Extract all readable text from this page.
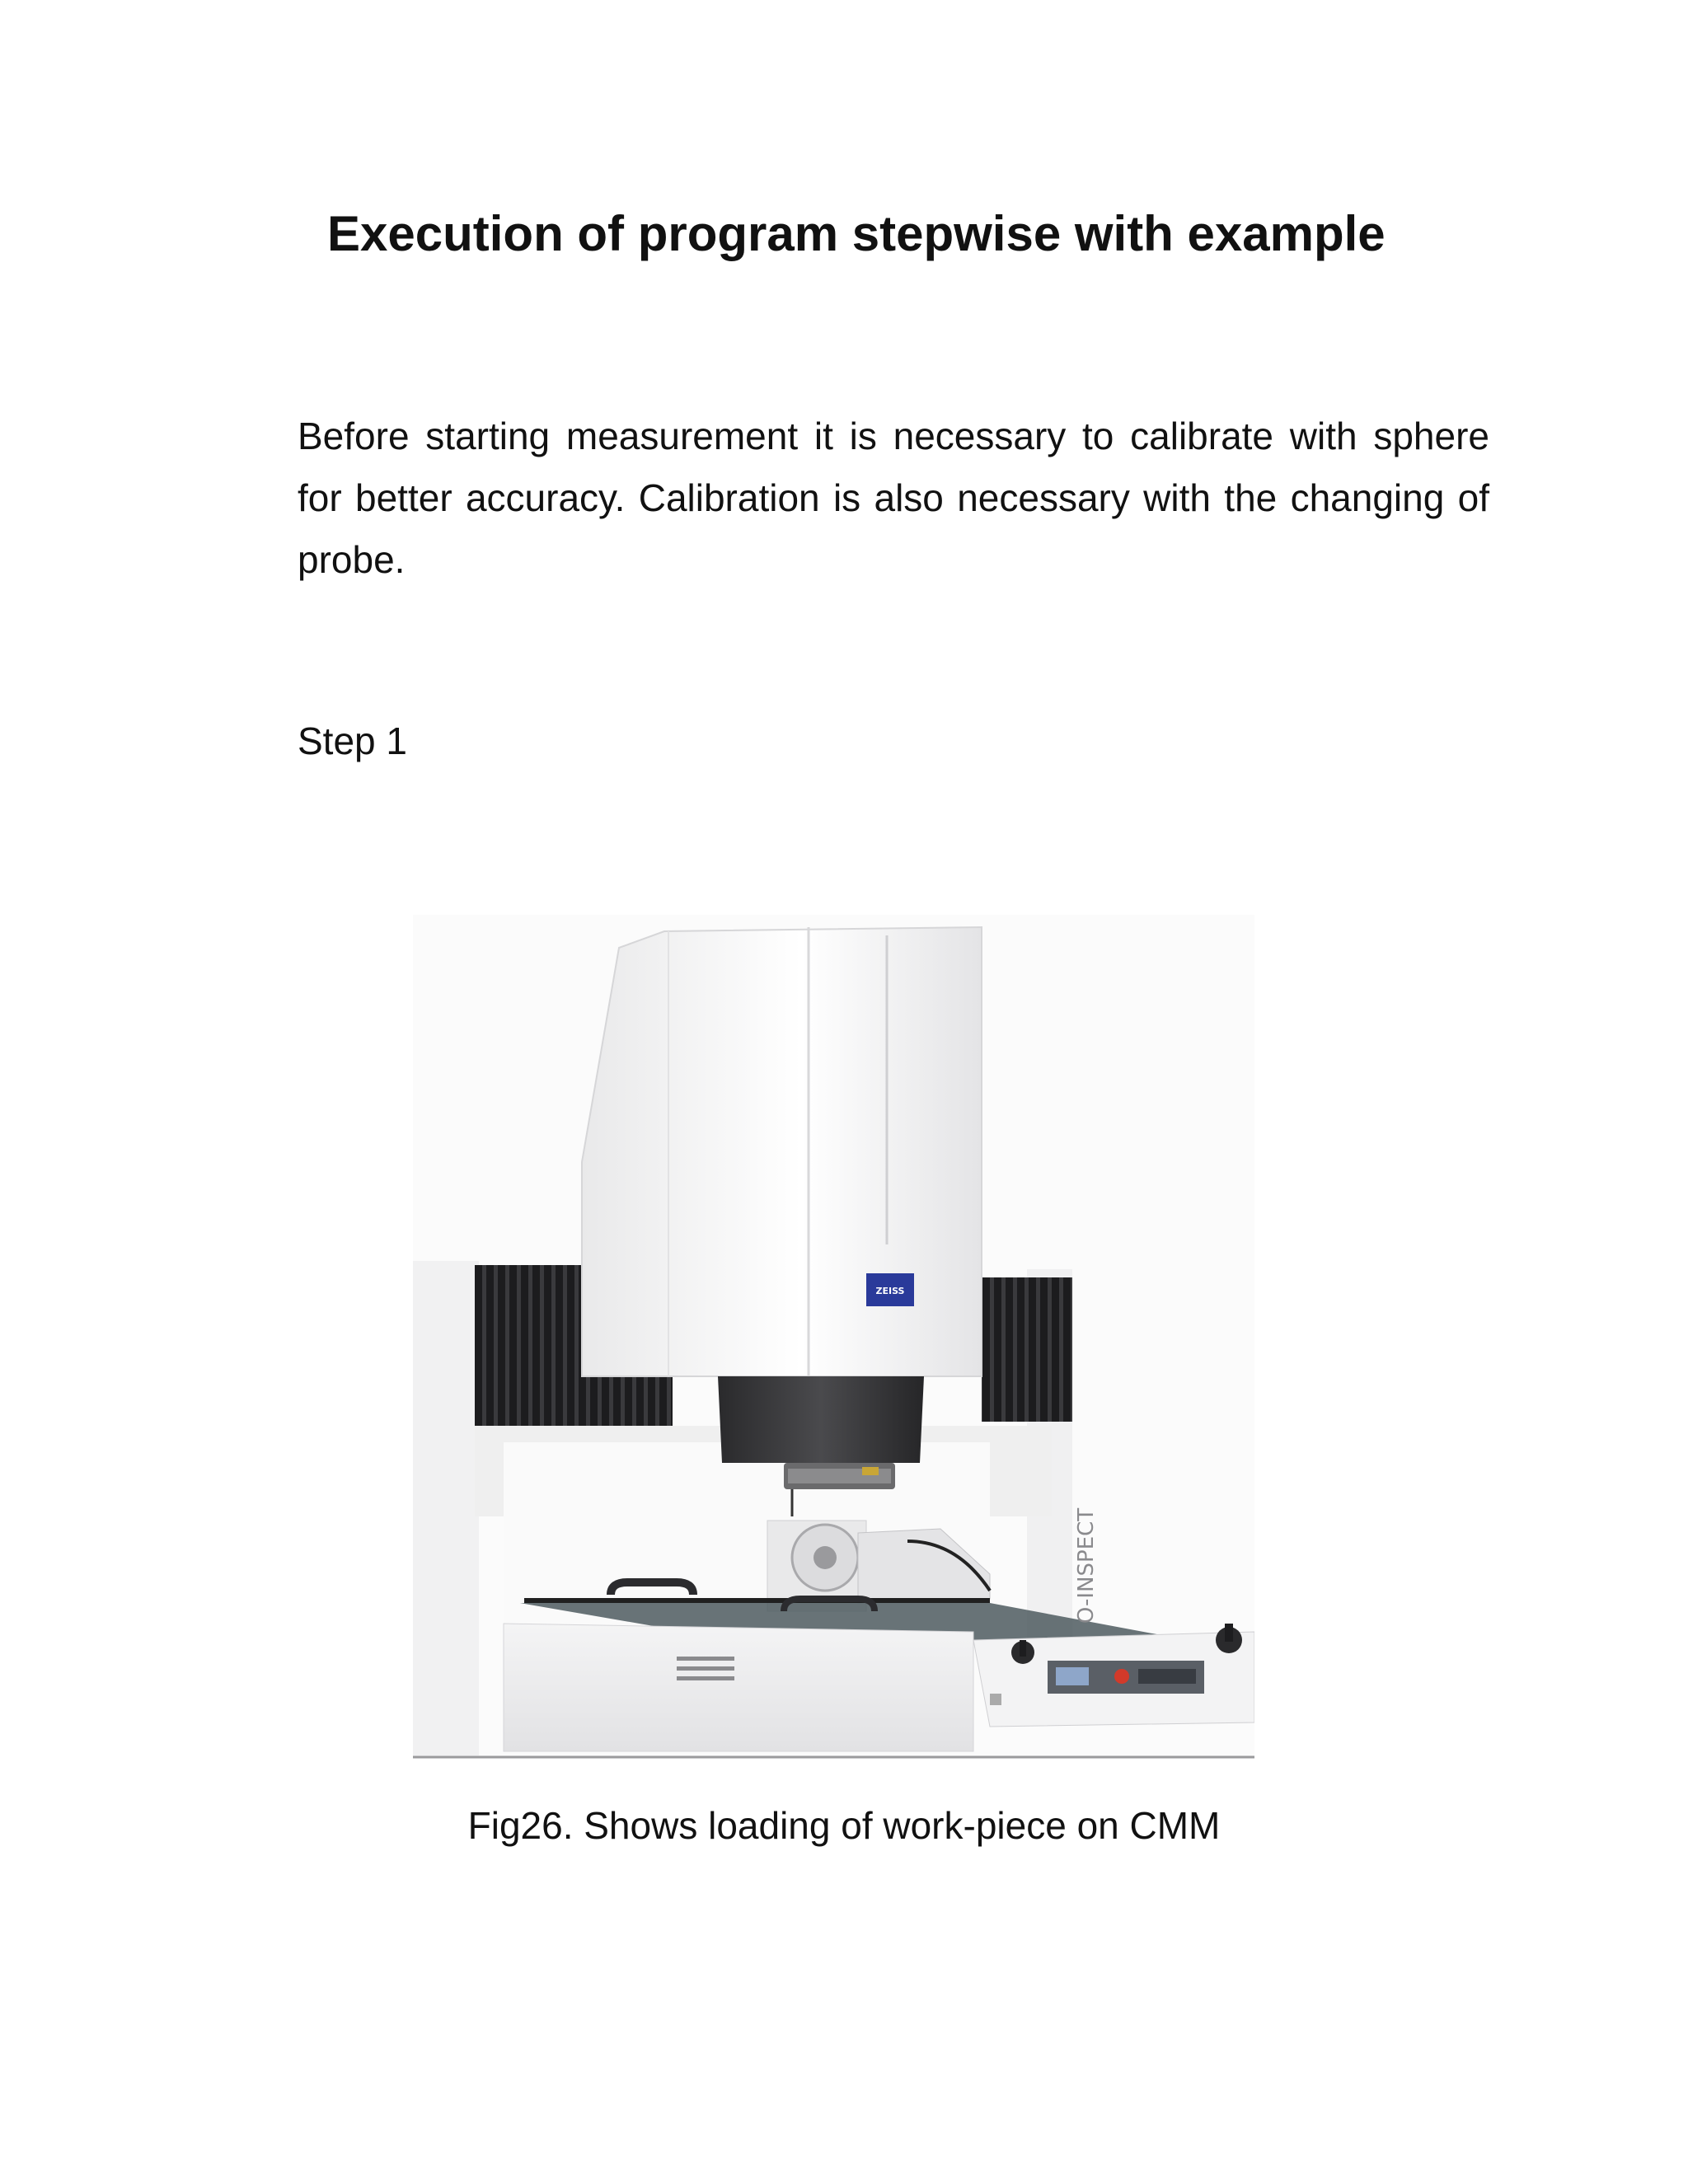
Execution of program stepwise with example
Before starting measurement it is necessary to calibrate with sphere for better accuracy. Calibration is also necessary with the changing of probe.
Step 1
ZEISS
O-INSPECT
Fig26. Shows loading of work-piece on CMM
